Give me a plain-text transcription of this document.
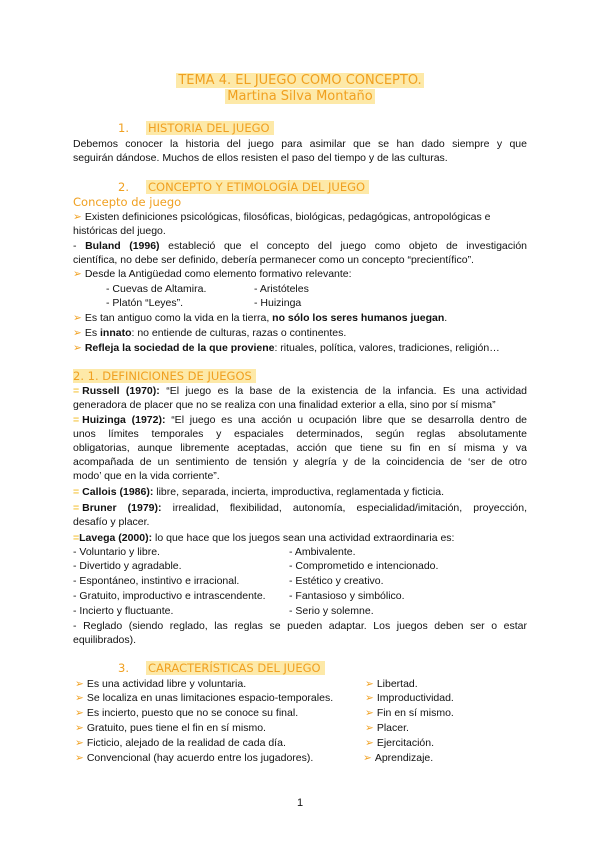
TEMA 4. EL JUEGO COMO CONCEPTO.
Martina Silva Montaño
1. HISTORIA DEL JUEGO
Debemos conocer la historia del juego para asimilar que se han dado siempre y que
seguirán dándose. Muchos de ellos resisten el paso del tiempo y de las culturas.
2. CONCEPTO Y ETIMOLOGÍA DEL JUEGO
Concepto de juego
➢ Existen definiciones psicológicas, filosóficas, biológicas, pedagógicas, antropológicas e
históricas del juego.
- Buland (1996) estableció que el concepto del juego como objeto de investigación
científica, no debe ser definido, debería permanecer como un concepto “precientífico”.
➢ Desde la Antigüedad como elemento formativo relevante:
- Cuevas de Altamira.	- Aristóteles
- Platón “Leyes”.	- Huizinga
➢ Es tan antiguo como la vida en la tierra, no sólo los seres humanos juegan.
➢ Es innato: no entiende de culturas, razas o continentes.
➢ Refleja la sociedad de la que proviene: rituales, política, valores, tradiciones, religión…
2. 1. DEFINICIONES DE JUEGOS
= Russell (1970): “El juego es la base de la existencia de la infancia. Es una actividad
generadora de placer que no se realiza con una finalidad exterior a ella, sino por sí misma”
= Huizinga (1972): “El juego es una acción u ocupación libre que se desarrolla dentro de
unos límites temporales y espaciales determinados, según reglas absolutamente
obligatorias, aunque libremente aceptadas, acción que tiene su fin en sí misma y va
acompañada de un sentimiento de tensión y alegría y de la coincidencia de ‘ser de otro
modo’ que en la vida corriente”.
= Callois (1986): libre, separada, incierta, improductiva, reglamentada y ficticia.
= Bruner (1979): irrealidad, flexibilidad, autonomía, especialidad/imitación, proyección,
desafío y placer.
=Lavega (2000): lo que hace que los juegos sean una actividad extraordinaria es:
- Voluntario y libre.
- Divertido y agradable.
- Espontáneo, instintivo e irracional.
- Gratuito, improductivo e intrascendente.
- Incierto y fluctuante.
- Ambivalente.
- Comprometido e intencionado.
- Estético y creativo.
- Fantasioso y simbólico.
- Serio y solemne.
- Reglado (siendo reglado, las reglas se pueden adaptar. Los juegos deben ser o estar
equilibrados).
3. CARACTERÍSTICAS DEL JUEGO
➢ Es una actividad libre y voluntaria.
➢ Se localiza en unas limitaciones espacio-temporales.
➢ Es incierto, puesto que no se conoce su final.
➢ Gratuito, pues tiene el fin en sí mismo.
➢ Ficticio, alejado de la realidad de cada día.
➢ Convencional (hay acuerdo entre los jugadores).
➢ Libertad.
➢ Improductividad.
➢ Fin en sí mismo.
➢ Placer.
➢ Ejercitación.
➢ Aprendizaje.
1
